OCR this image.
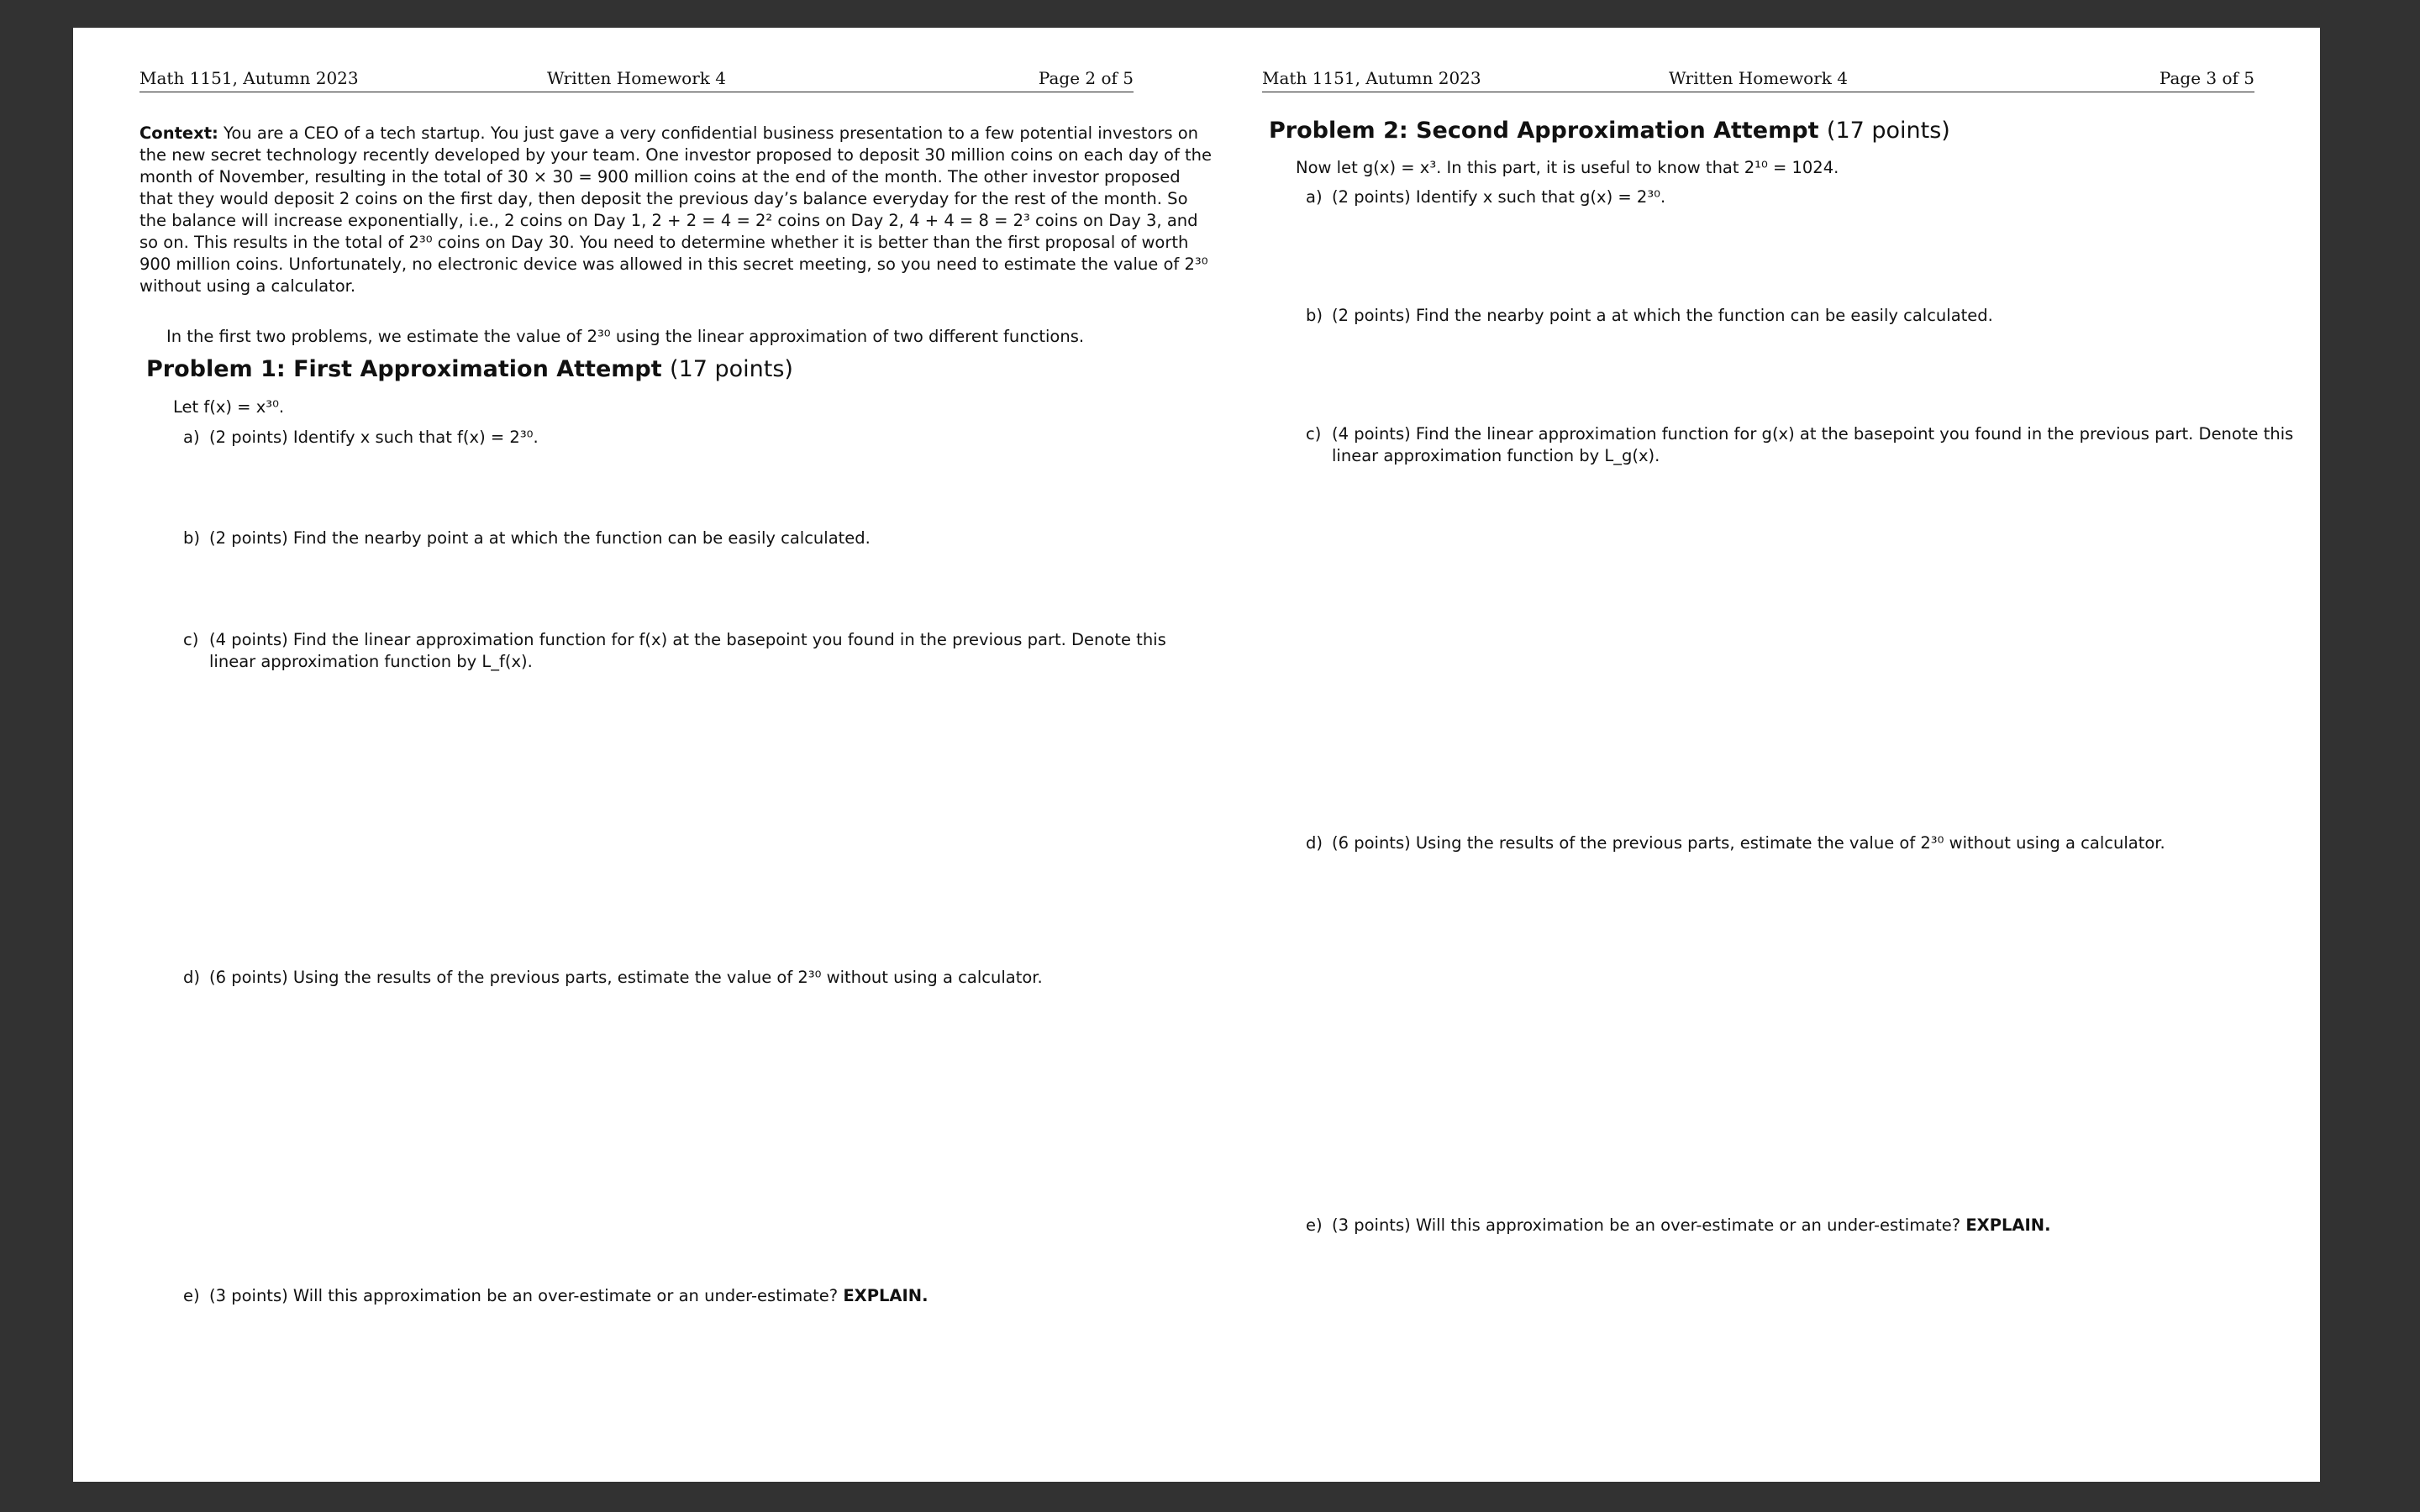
Math 1151, Autumn 2023	Written Homework 4	Page 2 of 5
Context: You are a CEO of a tech startup. You just gave a very confidential business presentation to a few potential investors on
the new secret technology recently developed by your team. One investor proposed to deposit 30 million coins on each day of the
month of November, resulting in the total of 30 × 30 = 900 million coins at the end of the month. The other investor proposed
that they would deposit 2 coins on the first day, then deposit the previous day’s balance everyday for the rest of the month. So
the balance will increase exponentially, i.e., 2 coins on Day 1, 2 + 2 = 4 = 2² coins on Day 2, 4 + 4 = 8 = 2³ coins on Day 3, and
so on. This results in the total of 2³⁰ coins on Day 30. You need to determine whether it is better than the first proposal of worth
900 million coins. Unfortunately, no electronic device was allowed in this secret meeting, so you need to estimate the value of 2³⁰
without using a calculator.
In the first two problems, we estimate the value of 2³⁰ using the linear approximation of two different functions.
Problem 1: First Approximation Attempt (17 points)
Let f(x) = x³⁰.
a) (2 points) Identify x such that f(x) = 2³⁰.
b) (2 points) Find the nearby point a at which the function can be easily calculated.
c) (4 points) Find the linear approximation function for f(x) at the basepoint you found in the previous part. Denote this
linear approximation function by L_f(x).
d) (6 points) Using the results of the previous parts, estimate the value of 2³⁰ without using a calculator.
e) (3 points) Will this approximation be an over-estimate or an under-estimate? EXPLAIN.
Math 1151, Autumn 2023	Written Homework 4	Page 3 of 5
Problem 2: Second Approximation Attempt (17 points)
Now let g(x) = x³. In this part, it is useful to know that 2¹⁰ = 1024.
a) (2 points) Identify x such that g(x) = 2³⁰.
b) (2 points) Find the nearby point a at which the function can be easily calculated.
c) (4 points) Find the linear approximation function for g(x) at the basepoint you found in the previous part. Denote this
linear approximation function by L_g(x).
d) (6 points) Using the results of the previous parts, estimate the value of 2³⁰ without using a calculator.
e) (3 points) Will this approximation be an over-estimate or an under-estimate? EXPLAIN.
